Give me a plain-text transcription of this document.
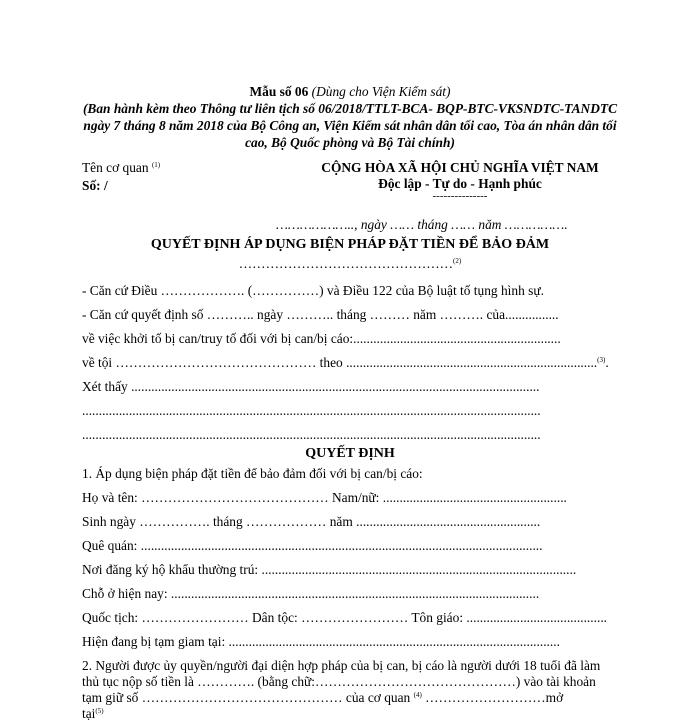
Mẫu số 06 (Dùng cho Viện Kiểm sát)
(Ban hành kèm theo Thông tư liên tịch số 06/2018/TTLT-BCA- BQP-BTC-VKSNDTC-TANDTC
ngày 7 tháng 8 năm 2018 của Bộ Công an, Viện Kiểm sát nhân dân tối cao, Tòa án nhân dân tối
cao, Bộ Quốc phòng và Bộ Tài chính)
Tên cơ quan $^{(1)}$
Số: /
CỘNG HÒA XÃ HỘI CHỦ NGHĨA VIỆT NAM
Độc lập - Tự do - Hạnh phúc
---------------
……………….., ngày …… tháng …… năm …………….
QUYẾT ĐỊNH ÁP DỤNG BIỆN PHÁP ĐẶT TIỀN ĐỂ BẢO ĐẢM
…………………………………………$^{(2)}$
- Căn cứ Điều ………………. (……………) và Điều 122 của Bộ luật tố tụng hình sự.
- Căn cứ quyết định số ……….. ngày ……….. tháng ……… năm ………. của................
về việc khởi tố bị can/truy tố đối với bị can/bị cáo:..............................................................
về tội ……………………………………… theo ...........................................................................$^{(3)}$.
Xét thấy ..........................................................................................................................
.........................................................................................................................................
.........................................................................................................................................
QUYẾT ĐỊNH
1. Áp dụng biện pháp đặt tiền để bảo đảm đối với bị can/bị cáo:
Họ và tên: …………………………………… Nam/nữ: .......................................................
Sinh ngày ……………. tháng ……………… năm .......................................................
Quê quán: ........................................................................................................................
Nơi đăng ký hộ khẩu thường trú: ..............................................................................................
Chỗ ở hiện nay: ..............................................................................................................
Quốc tịch: …………………… Dân tộc: …………………… Tôn giáo: ..........................................
Hiện đang bị tạm giam tại: ...................................................................................................
2. Người được ủy quyền/người đại diện hợp pháp của bị can, bị cáo là người dưới 18 tuổi đã làm
thủ tục nộp số tiền là …………. (bằng chữ:………………………………………) vào tài khoản
tạm giữ số ……………………………………… của cơ quan $^{(4)}$ ………………………mở
tại$^{(5)}$
